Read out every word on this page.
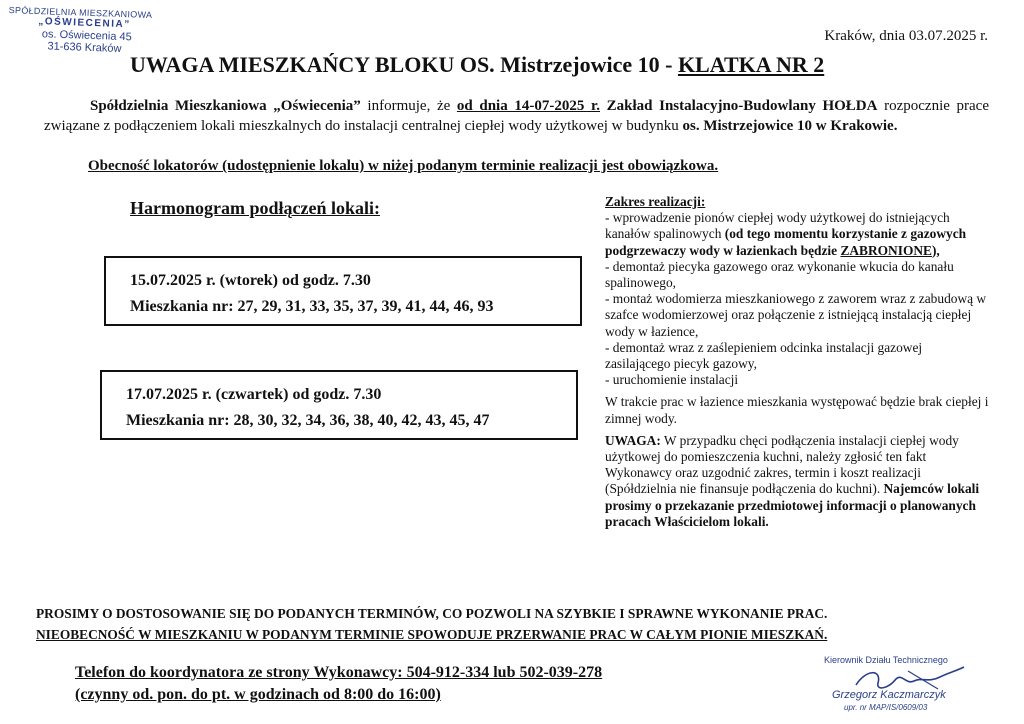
SPÓŁDZIELNIA MIESZKANIOWA
„OŚWIECENIA”
os. Oświecenia 45
31-636 Kraków
Kraków, dnia 03.07.2025 r.
UWAGA MIESZKAŃCY BLOKU OS. Mistrzejowice 10 - KLATKA NR 2
Spółdzielnia Mieszkaniowa „Oświecenia” informuje, że od dnia 14-07-2025 r. Zakład Instalacyjno-Budowlany HOŁDA rozpocznie prace związane z podłączeniem lokali mieszkalnych do instalacji centralnej ciepłej wody użytkowej w budynku os. Mistrzejowice 10 w Krakowie.
Obecność lokatorów (udostępnienie lokalu) w niżej podanym terminie realizacji jest obowiązkowa.
Harmonogram podłączeń lokali:
15.07.2025 r. (wtorek) od godz. 7.30
Mieszkania nr: 27, 29, 31, 33, 35, 37, 39, 41, 44, 46, 93
17.07.2025 r. (czwartek) od godz. 7.30
Mieszkania nr: 28, 30, 32, 34, 36, 38, 40, 42, 43, 45, 47
Zakres realizacji:
- wprowadzenie pionów ciepłej wody użytkowej do istniejących kanałów spalinowych (od tego momentu korzystanie z gazowych podgrzewaczy wody w łazienkach będzie ZABRONIONE),
- demontaż piecyka gazowego oraz wykonanie wkucia do kanału spalinowego,
- montaż wodomierza mieszkaniowego z zaworem wraz z zabudową w szafce wodomierzowej oraz połączenie z istniejącą instalacją ciepłej wody w łazience,
- demontaż wraz z zaślepieniem odcinka instalacji gazowej zasilającego piecyk gazowy,
- uruchomienie instalacji
W trakcie prac w łazience mieszkania występować będzie brak ciepłej i zimnej wody.
UWAGA: W przypadku chęci podłączenia instalacji ciepłej wody użytkowej do pomieszczenia kuchni, należy zgłosić ten fakt Wykonawcy oraz uzgodnić zakres, termin i koszt realizacji (Spółdzielnia nie finansuje podłączenia do kuchni). Najemców lokali prosimy o przekazanie przedmiotowej informacji o planowanych pracach Właścicielom lokali.
PROSIMY O DOSTOSOWANIE SIĘ DO PODANYCH TERMINÓW, CO POZWOLI NA SZYBKIE I SPRAWNE WYKONANIE PRAC.
NIEOBECNOŚĆ W MIESZKANIU W PODANYM TERMINIE SPOWODUJE PRZERWANIE PRAC W CAŁYM PIONIE MIESZKAŃ.
Telefon do koordynatora ze strony Wykonawcy: 504-912-334 lub 502-039-278
(czynny od. pon. do pt. w godzinach od 8:00 do 16:00)
Kierownik Działu Technicznego
Grzegorz Kaczmarczyk
upr. nr MAP/IS/0609/03
